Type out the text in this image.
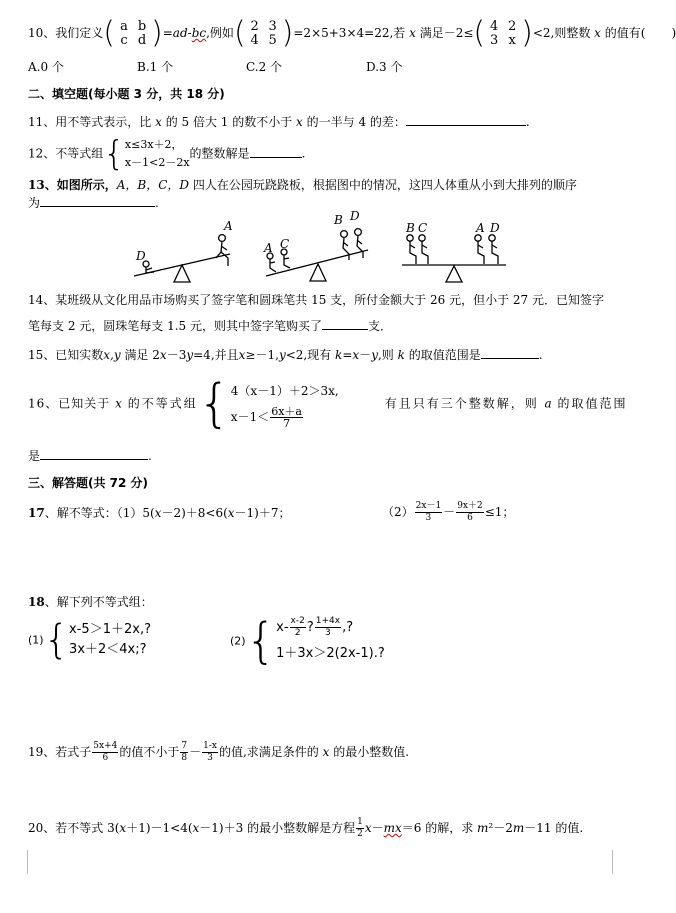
10、我们定义( a b
c d )=ad-bc,例如( 2 3
4 5 )=2×5+3×4=22,若 x 满足－2≤( 4 2
3 x )<2,则整数 x 的值有( )
A.0 个	B.1 个	C.2 个	D.3 个
二、填空题(每小题 3 分，共 18 分)
11、用不等式表示，比 x 的 5 倍大 1 的数不小于 x 的一半与 4 的差：	.
12、不等式组{x≤3x＋2，
x－1<2－2x的整数解是	.
13、如图所示，A，B，C，D 四人在公园玩跷跷板，根据图中的情况，这四人体重从小到大排列的顺序
为	.
D
A
A C
B D
B C	A D
14、某班级从文化用品市场购买了签字笔和圆珠笔共 15 支，所付金额大于 26 元，但小于 27 元．已知签字
笔每支 2 元，圆珠笔每支 1.5 元，则其中签字笔购买了	支．
15、已知实数x,y 满足 2x－3y=4,并且x≥－1,y<2,现有 k=x－y,则 k 的取值范围是	.
16、已知关于 x 的不等式组{4（x－1）＋2＞3x,
$x-1< \frac{6x+a}{7}$
有且只有三个整数解，则 a 的取值范围
是	.
三、解答题(共 72 分)
17、解不等式：（1）5(x－2)＋8<6(x－1)＋7；	$(2) \frac{2x-1}{3} - \frac{9x+2}{6} \le 1$；
18、解下列不等式组：
(1){x-5＞1＋2x,?
3x＋2＜4x;?
$(2)\{x- \frac{x-2}{2}$ ? $\frac{1+4x}{3}$ ,?
1＋3x＞2(2x-1).?
19、若式子 $\frac{5x+4}{6}$ 的值不小于 $\frac{7}{8} - \frac{1-x}{3}$ 的值,求满足条件的 x 的最小整数值.
20、若不等式 3(x＋1)－1<4(x－1)＋3 的最小整数解是方程 $\frac{1}{2} x-mx=6$ 的解，求 m²－2m－11 的值.
